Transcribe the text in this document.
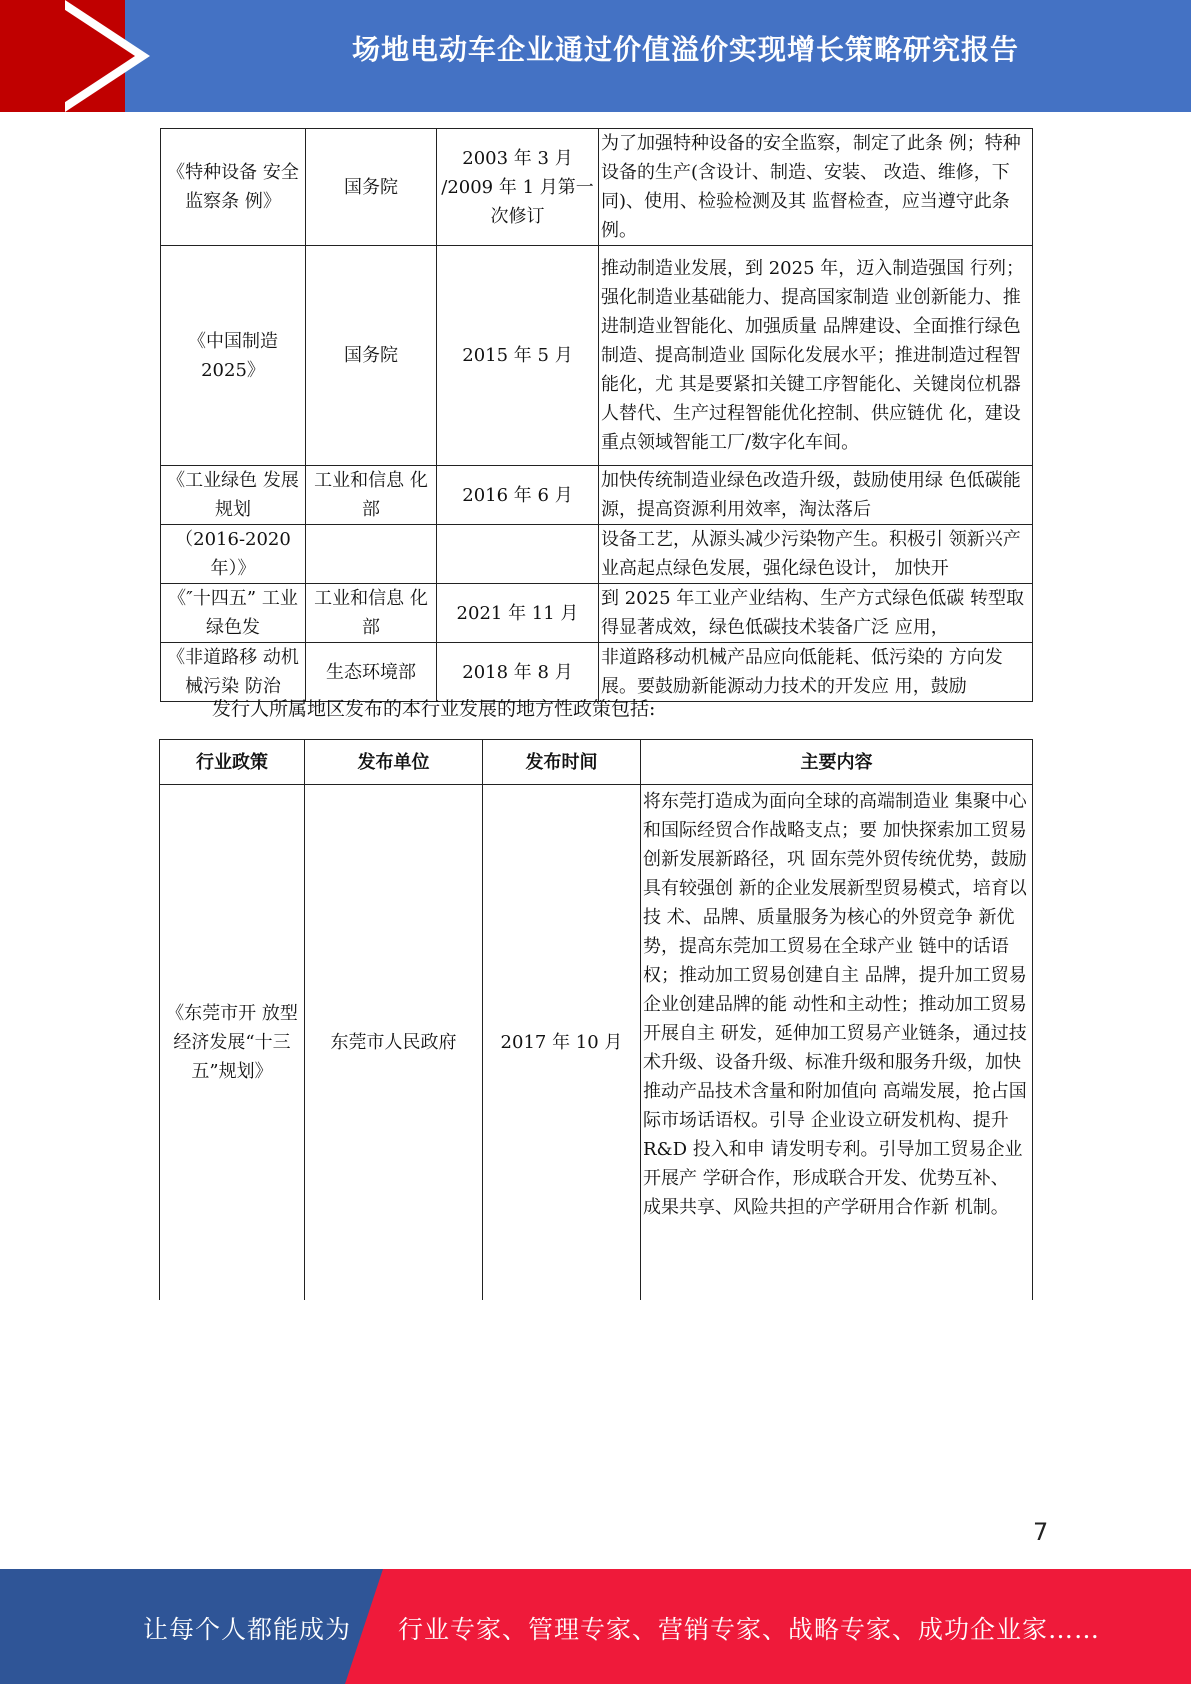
场地电动车企业通过价值溢价实现增长策略研究报告
《特种设备 安全监察条 例》	国务院	2003 年 3 月 /2009 年 1 月第一次修订	为了加强特种设备的安全监察，制定了此条 例；特种设备的生产(含设计、制造、安装、 改造、维修，下同)、使用、检验检测及其 监督检查，应当遵守此条例。
《中国制造 2025》	国务院	2015 年 5 月	推动制造业发展，到 2025 年，迈入制造强国 行列；强化制造业基础能力、提高国家制造 业创新能力、推进制造业智能化、加强质量 品牌建设、全面推行绿色制造、提高制造业 国际化发展水平；推进制造过程智能化，尤 其是要紧扣关键工序智能化、关键岗位机器 人替代、生产过程智能优化控制、供应链优 化，建设重点领域智能工厂/数字化车间。
《工业绿色 发展规划	工业和信息 化部	2016 年 6 月	加快传统制造业绿色改造升级，鼓励使用绿 色低碳能源，提高资源利用效率，淘汰落后
（2016-2020 年）》			设备工艺，从源头减少污染物产生。积极引 领新兴产业高起点绿色发展，强化绿色设计， 加快开
《″十四五” 工业绿色发	工业和信息 化部	2021 年 11 月	到 2025 年工业产业结构、生产方式绿色低碳 转型取得显著成效，绿色低碳技术装备广泛 应用，
《非道路移 动机械污染 防治	生态环境部	2018 年 8 月	非道路移动机械产品应向低能耗、低污染的 方向发展。要鼓励新能源动力技术的开发应 用，鼓励
发行人所属地区发布的本行业发展的地方性政策包括:
行业政策	发布单位	发布时间	主要内容
《东莞市开 放型经济发展“十三 五”规划》	东莞市人民政府	2017 年 10 月	将东莞打造成为面向全球的高端制造业 集聚中心和国际经贸合作战略支点；要 加快探索加工贸易创新发展新路径，巩 固东莞外贸传统优势，鼓励具有较强创 新的企业发展新型贸易模式，培育以技 术、品牌、质量服务为核心的外贸竞争 新优势，提高东莞加工贸易在全球产业 链中的话语权；推动加工贸易创建自主 品牌，提升加工贸易企业创建品牌的能 动性和主动性；推动加工贸易开展自主 研发，延伸加工贸易产业链条，通过技 术升级、设备升级、标准升级和服务升级，加快推动产品技术含量和附加值向 高端发展，抢占国际市场话语权。引导 企业设立研发机构、提升 R&D 投入和申 请发明专利。引导加工贸易企业开展产 学研合作，形成联合开发、优势互补、 成果共享、风险共担的产学研用合作新 机制。
7
让每个人都能成为 行业专家、管理专家、营销专家、战略专家、成功企业家……
